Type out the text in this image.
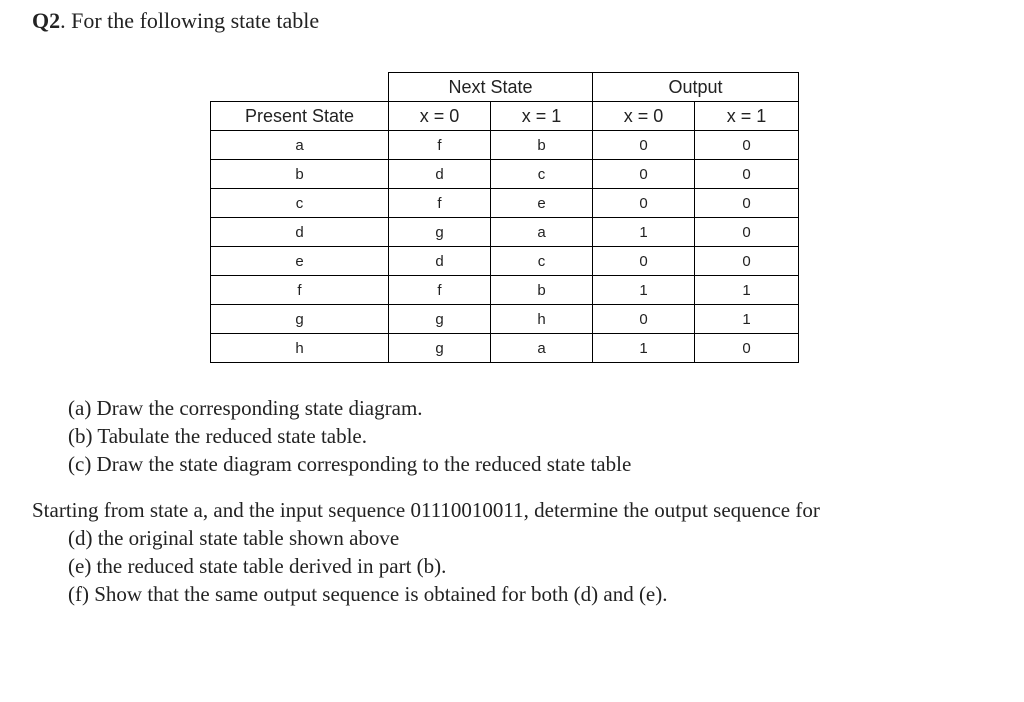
Q2. For the following state table
	Next State		Output	
Present State	x = 0	x = 1	x = 0	x = 1
a	f	b	0	0
b	d	c	0	0
c	f	e	0	0
d	g	a	1	0
e	d	c	0	0
f	f	b	1	1
g	g	h	0	1
h	g	a	1	0
(a) Draw the corresponding state diagram.
(b) Tabulate the reduced state table.
(c) Draw the state diagram corresponding to the reduced state table
Starting from state a, and the input sequence 01110010011, determine the output sequence for
(d) the original state table shown above
(e) the reduced state table derived in part (b).
(f) Show that the same output sequence is obtained for both (d) and (e).
